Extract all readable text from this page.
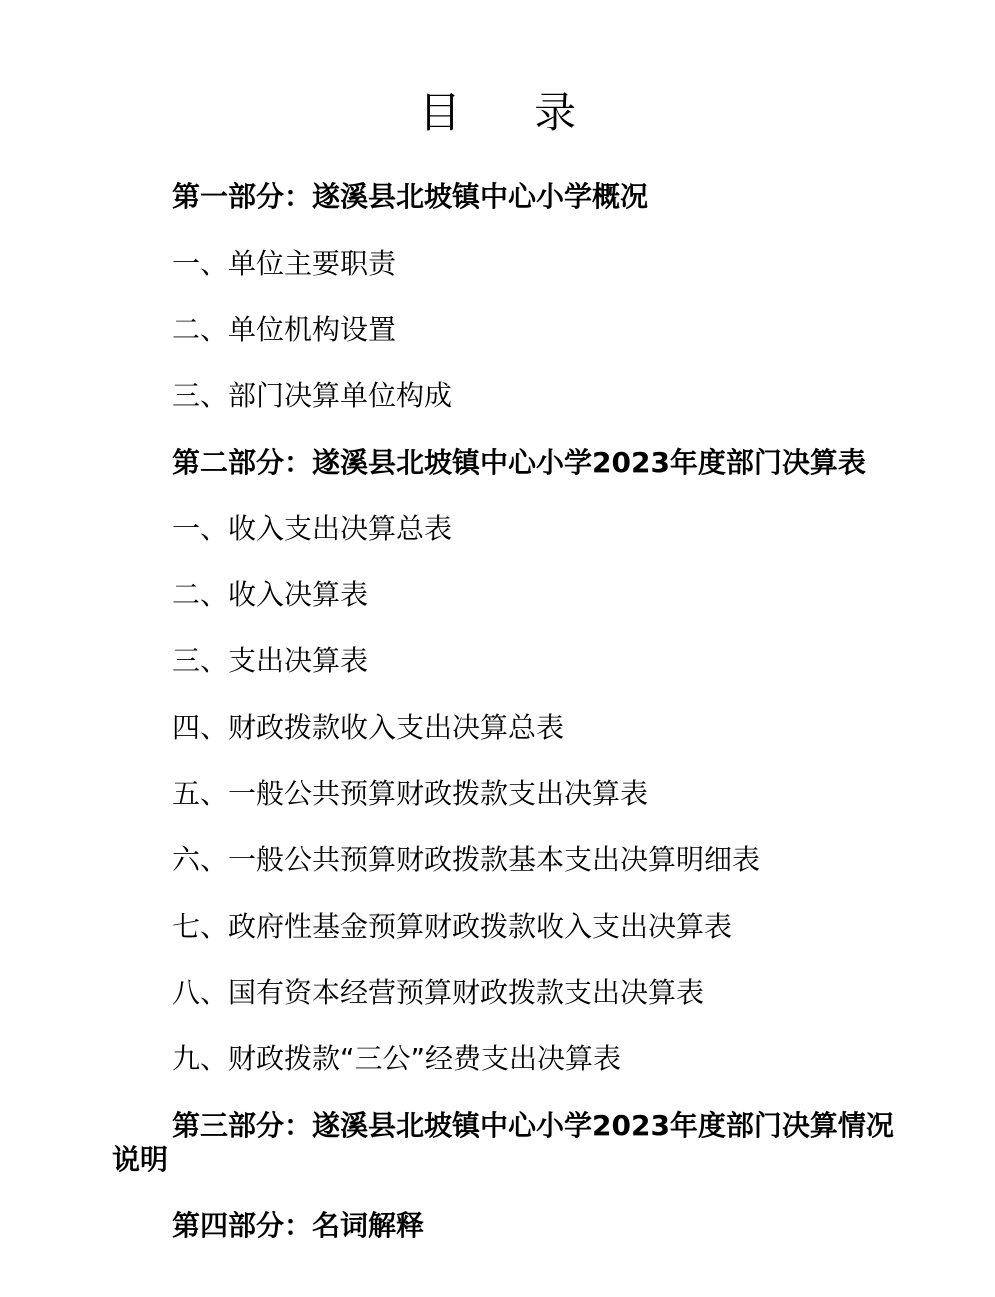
目 录
第一部分：遂溪县北坡镇中心小学概况
一、单位主要职责
二、单位机构设置
三、部门决算单位构成
第二部分：遂溪县北坡镇中心小学2023年度部门决算表
一、收入支出决算总表
二、收入决算表
三、支出决算表
四、财政拨款收入支出决算总表
五、一般公共预算财政拨款支出决算表
六、一般公共预算财政拨款基本支出决算明细表
七、政府性基金预算财政拨款收入支出决算表
八、国有资本经营预算财政拨款支出决算表
九、财政拨款“三公”经费支出决算表
第三部分：遂溪县北坡镇中心小学2023年度部门决算情况说明
第四部分：名词解释
